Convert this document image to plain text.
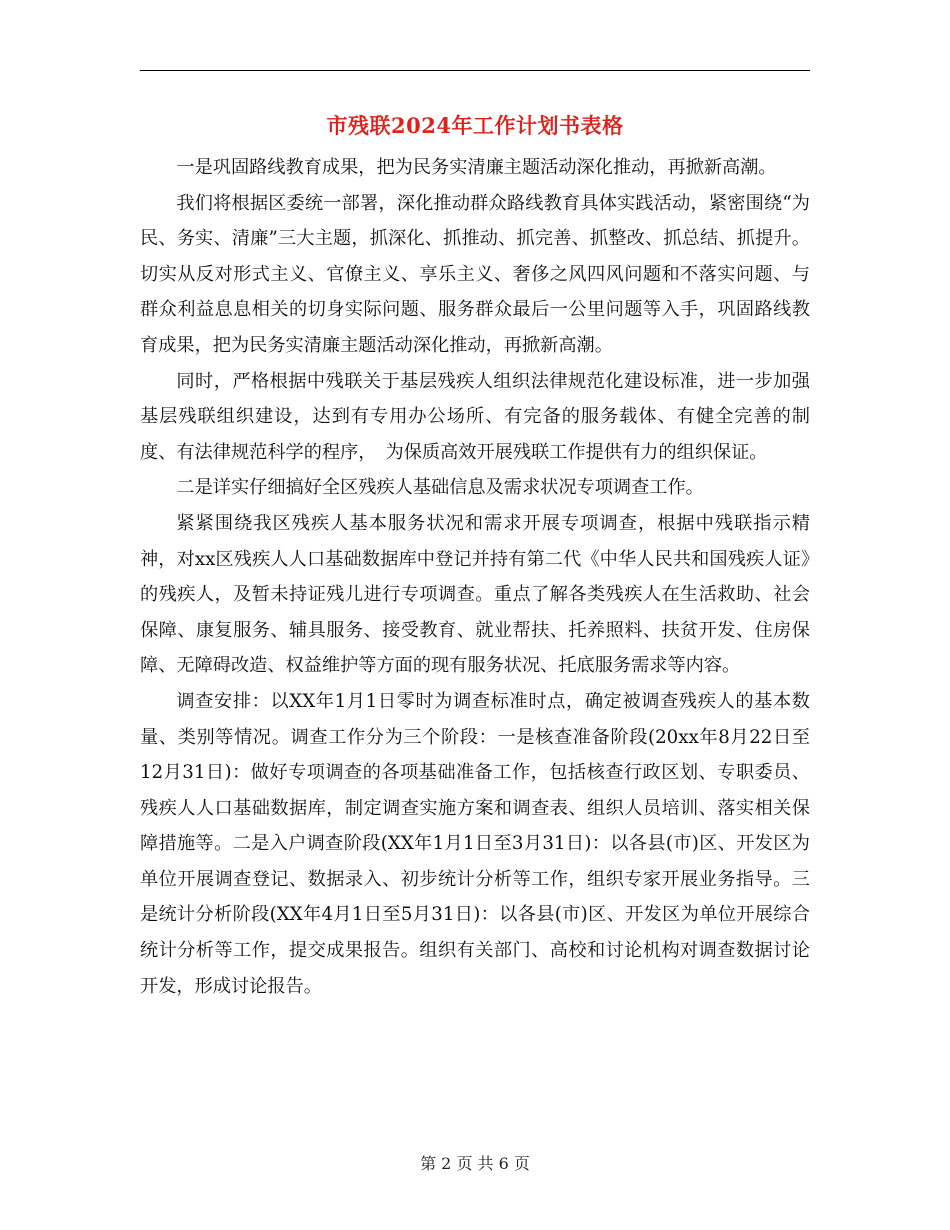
市残联2024年工作计划书表格

一是巩固路线教育成果，把为民务实清廉主题活动深化推动，再掀新高潮。

我们将根据区委统一部署，深化推动群众路线教育具体实践活动，紧密围绕“为民、务实、清廉”三大主题，抓深化、抓推动、抓完善、抓整改、抓总结、抓提升。切实从反对形式主义、官僚主义、享乐主义、奢侈之风四风问题和不落实问题、与群众利益息息相关的切身实际问题、服务群众最后一公里问题等入手，巩固路线教育成果，把为民务实清廉主题活动深化推动，再掀新高潮。

同时，严格根据中残联关于基层残疾人组织法律规范化建设标准，进一步加强基层残联组织建设，达到有专用办公场所、有完备的服务载体、有健全完善的制度、有法律规范科学的程序，　为保质高效开展残联工作提供有力的组织保证。

二是详实仔细搞好全区残疾人基础信息及需求状况专项调查工作。

紧紧围绕我区残疾人基本服务状况和需求开展专项调查，根据中残联指示精神，对xx区残疾人人口基础数据库中登记并持有第二代《中华人民共和国残疾人证》的残疾人，及暂未持证残儿进行专项调查。重点了解各类残疾人在生活救助、社会保障、康复服务、辅具服务、接受教育、就业帮扶、托养照料、扶贫开发、住房保障、无障碍改造、权益维护等方面的现有服务状况、托底服务需求等内容。

调查安排：以XX年1月1日零时为调查标准时点，确定被调查残疾人的基本数量、类别等情况。调查工作分为三个阶段：一是核查准备阶段(20xx年8月22日至12月31日)：做好专项调查的各项基础准备工作，包括核查行政区划、专职委员、残疾人人口基础数据库，制定调查实施方案和调查表、组织人员培训、落实相关保障措施等。二是入户调查阶段(XX年1月1日至3月31日)：以各县(市)区、开发区为单位开展调查登记、数据录入、初步统计分析等工作，组织专家开展业务指导。三是统计分析阶段(XX年4月1日至5月31日)：以各县(市)区、开发区为单位开展综合统计分析等工作，提交成果报告。组织有关部门、高校和讨论机构对调查数据讨论开发，形成讨论报告。

第 2 页 共 6 页
